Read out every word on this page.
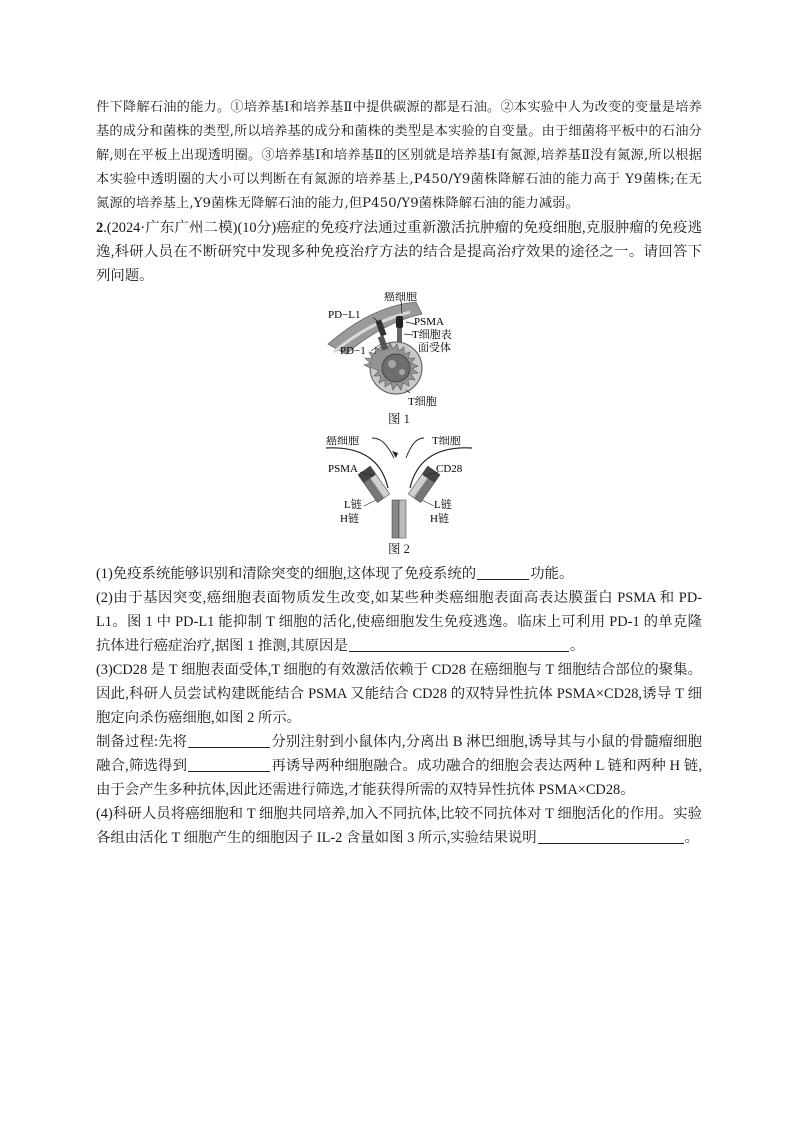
件下降解石油的能力。①培养基Ⅰ和培养基Ⅱ中提供碳源的都是石油。②本实验中人为改变的变量是培养基的成分和菌株的类型,所以培养基的成分和菌株的类型是本实验的自变量。由于细菌将平板中的石油分解,则在平板上出现透明圈。③培养基Ⅰ和培养基Ⅱ的区别就是培养基Ⅰ有氮源,培养基Ⅱ没有氮源,所以根据本实验中透明圈的大小可以判断在有氮源的培养基上,P450/Y9菌株降解石油的能力高于 Y9菌株;在无氮源的培养基上,Y9菌株无降解石油的能力,但P450/Y9菌株降解石油的能力减弱。

2.(2024·广东广州二模)(10分)癌症的免疫疗法通过重新激活抗肿瘤的免疫细胞,克服肿瘤的免疫逃逸,科研人员在不断研究中发现多种免疫治疗方法的结合是提高治疗效果的途径之一。请回答下列问题。

癌细胞
PD−L1
PSMA
T细胞表
面受体
PD−1
T细胞

图 1

癌细胞	T细胞
PSMA	CD28
L链
H链
L链
H链

图 2

(1)免疫系统能够识别和清除突变的细胞,这体现了免疫系统的	功能。

(2)由于基因突变,癌细胞表面物质发生改变,如某些种类癌细胞表面高表达膜蛋白 PSMA 和 PD-L1。图 1 中 PD-L1 能抑制 T 细胞的活化,使癌细胞发生免疫逃逸。临床上可利用 PD-1 的单克隆抗体进行癌症治疗,据图 1 推测,其原因是	。

(3)CD28 是 T 细胞表面受体,T 细胞的有效激活依赖于 CD28 在癌细胞与 T 细胞结合部位的聚集。因此,科研人员尝试构建既能结合 PSMA 又能结合 CD28 的双特异性抗体 PSMA×CD28,诱导 T 细胞定向杀伤癌细胞,如图 2 所示。

制备过程:先将	分别注射到小鼠体内,分离出 B 淋巴细胞,诱导其与小鼠的骨髓瘤细胞融合,筛选得到	再诱导两种细胞融合。成功融合的细胞会表达两种 L 链和两种 H 链,由于会产生多种抗体,因此还需进行筛选,才能获得所需的双特异性抗体 PSMA×CD28。

(4)科研人员将癌细胞和 T 细胞共同培养,加入不同抗体,比较不同抗体对 T 细胞活化的作用。实验各组由活化 T 细胞产生的细胞因子 IL-2 含量如图 3 所示,实验结果说明	。
